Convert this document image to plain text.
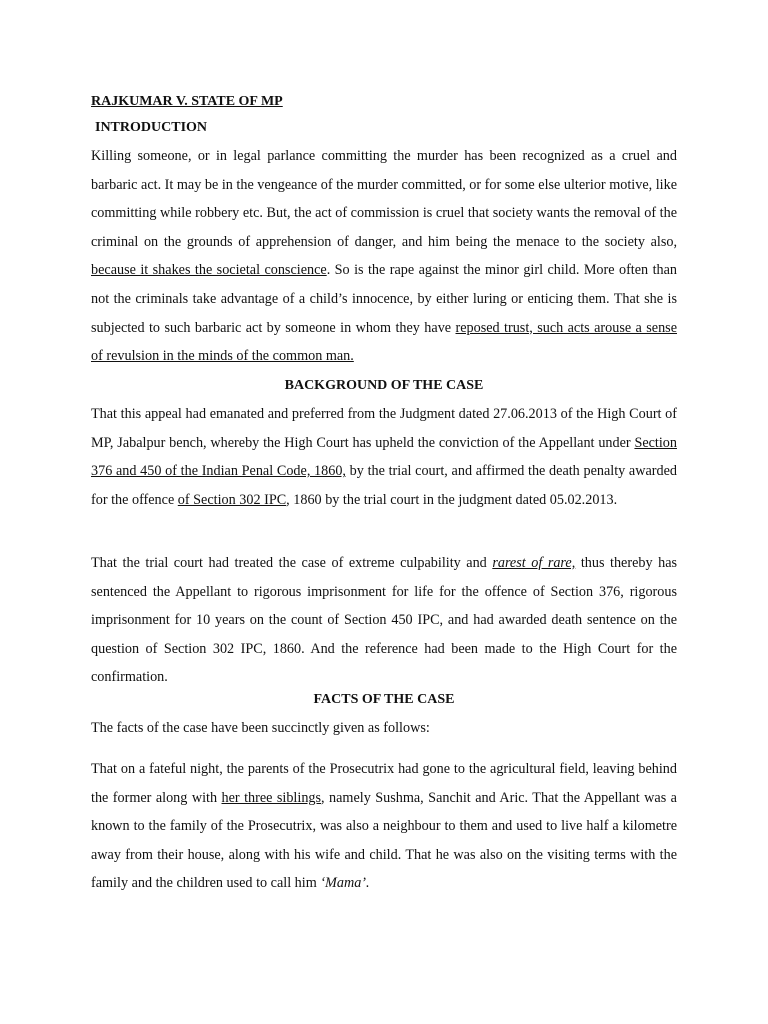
RAJKUMAR V. STATE OF MP
INTRODUCTION

Killing someone, or in legal parlance committing the murder has been recognized as a cruel and barbaric act. It may be in the vengeance of the murder committed, or for some else ulterior motive, like committing while robbery etc. But, the act of commission is cruel that society wants the removal of the criminal on the grounds of apprehension of danger, and him being the menace to the society also, because it shakes the societal conscience. So is the rape against the minor girl child. More often than not the criminals take advantage of a child’s innocence, by either luring or enticing them. That she is subjected to such barbaric act by someone in whom they have reposed trust, such acts arouse a sense of revulsion in the minds of the common man.

BACKGROUND OF THE CASE

That this appeal had emanated and preferred from the Judgment dated 27.06.2013 of the High Court of MP, Jabalpur bench, whereby the High Court has upheld the conviction of the Appellant under Section 376 and 450 of the Indian Penal Code, 1860, by the trial court, and affirmed the death penalty awarded for the offence of Section 302 IPC, 1860 by the trial court in the judgment dated 05.02.2013.

That the trial court had treated the case of extreme culpability and rarest of rare, thus thereby has sentenced the Appellant to rigorous imprisonment for life for the offence of Section 376, rigorous imprisonment for 10 years on the count of Section 450 IPC, and had awarded death sentence on the question of Section 302 IPC, 1860. And the reference had been made to the High Court for the confirmation.

FACTS OF THE CASE

The facts of the case have been succinctly given as follows:

That on a fateful night, the parents of the Prosecutrix had gone to the agricultural field, leaving behind the former along with her three siblings, namely Sushma, Sanchit and Aric. That the Appellant was a known to the family of the Prosecutrix, was also a neighbour to them and used to live half a kilometre away from their house, along with his wife and child. That he was also on the visiting terms with the family and the children used to call him ‘Mama’.
